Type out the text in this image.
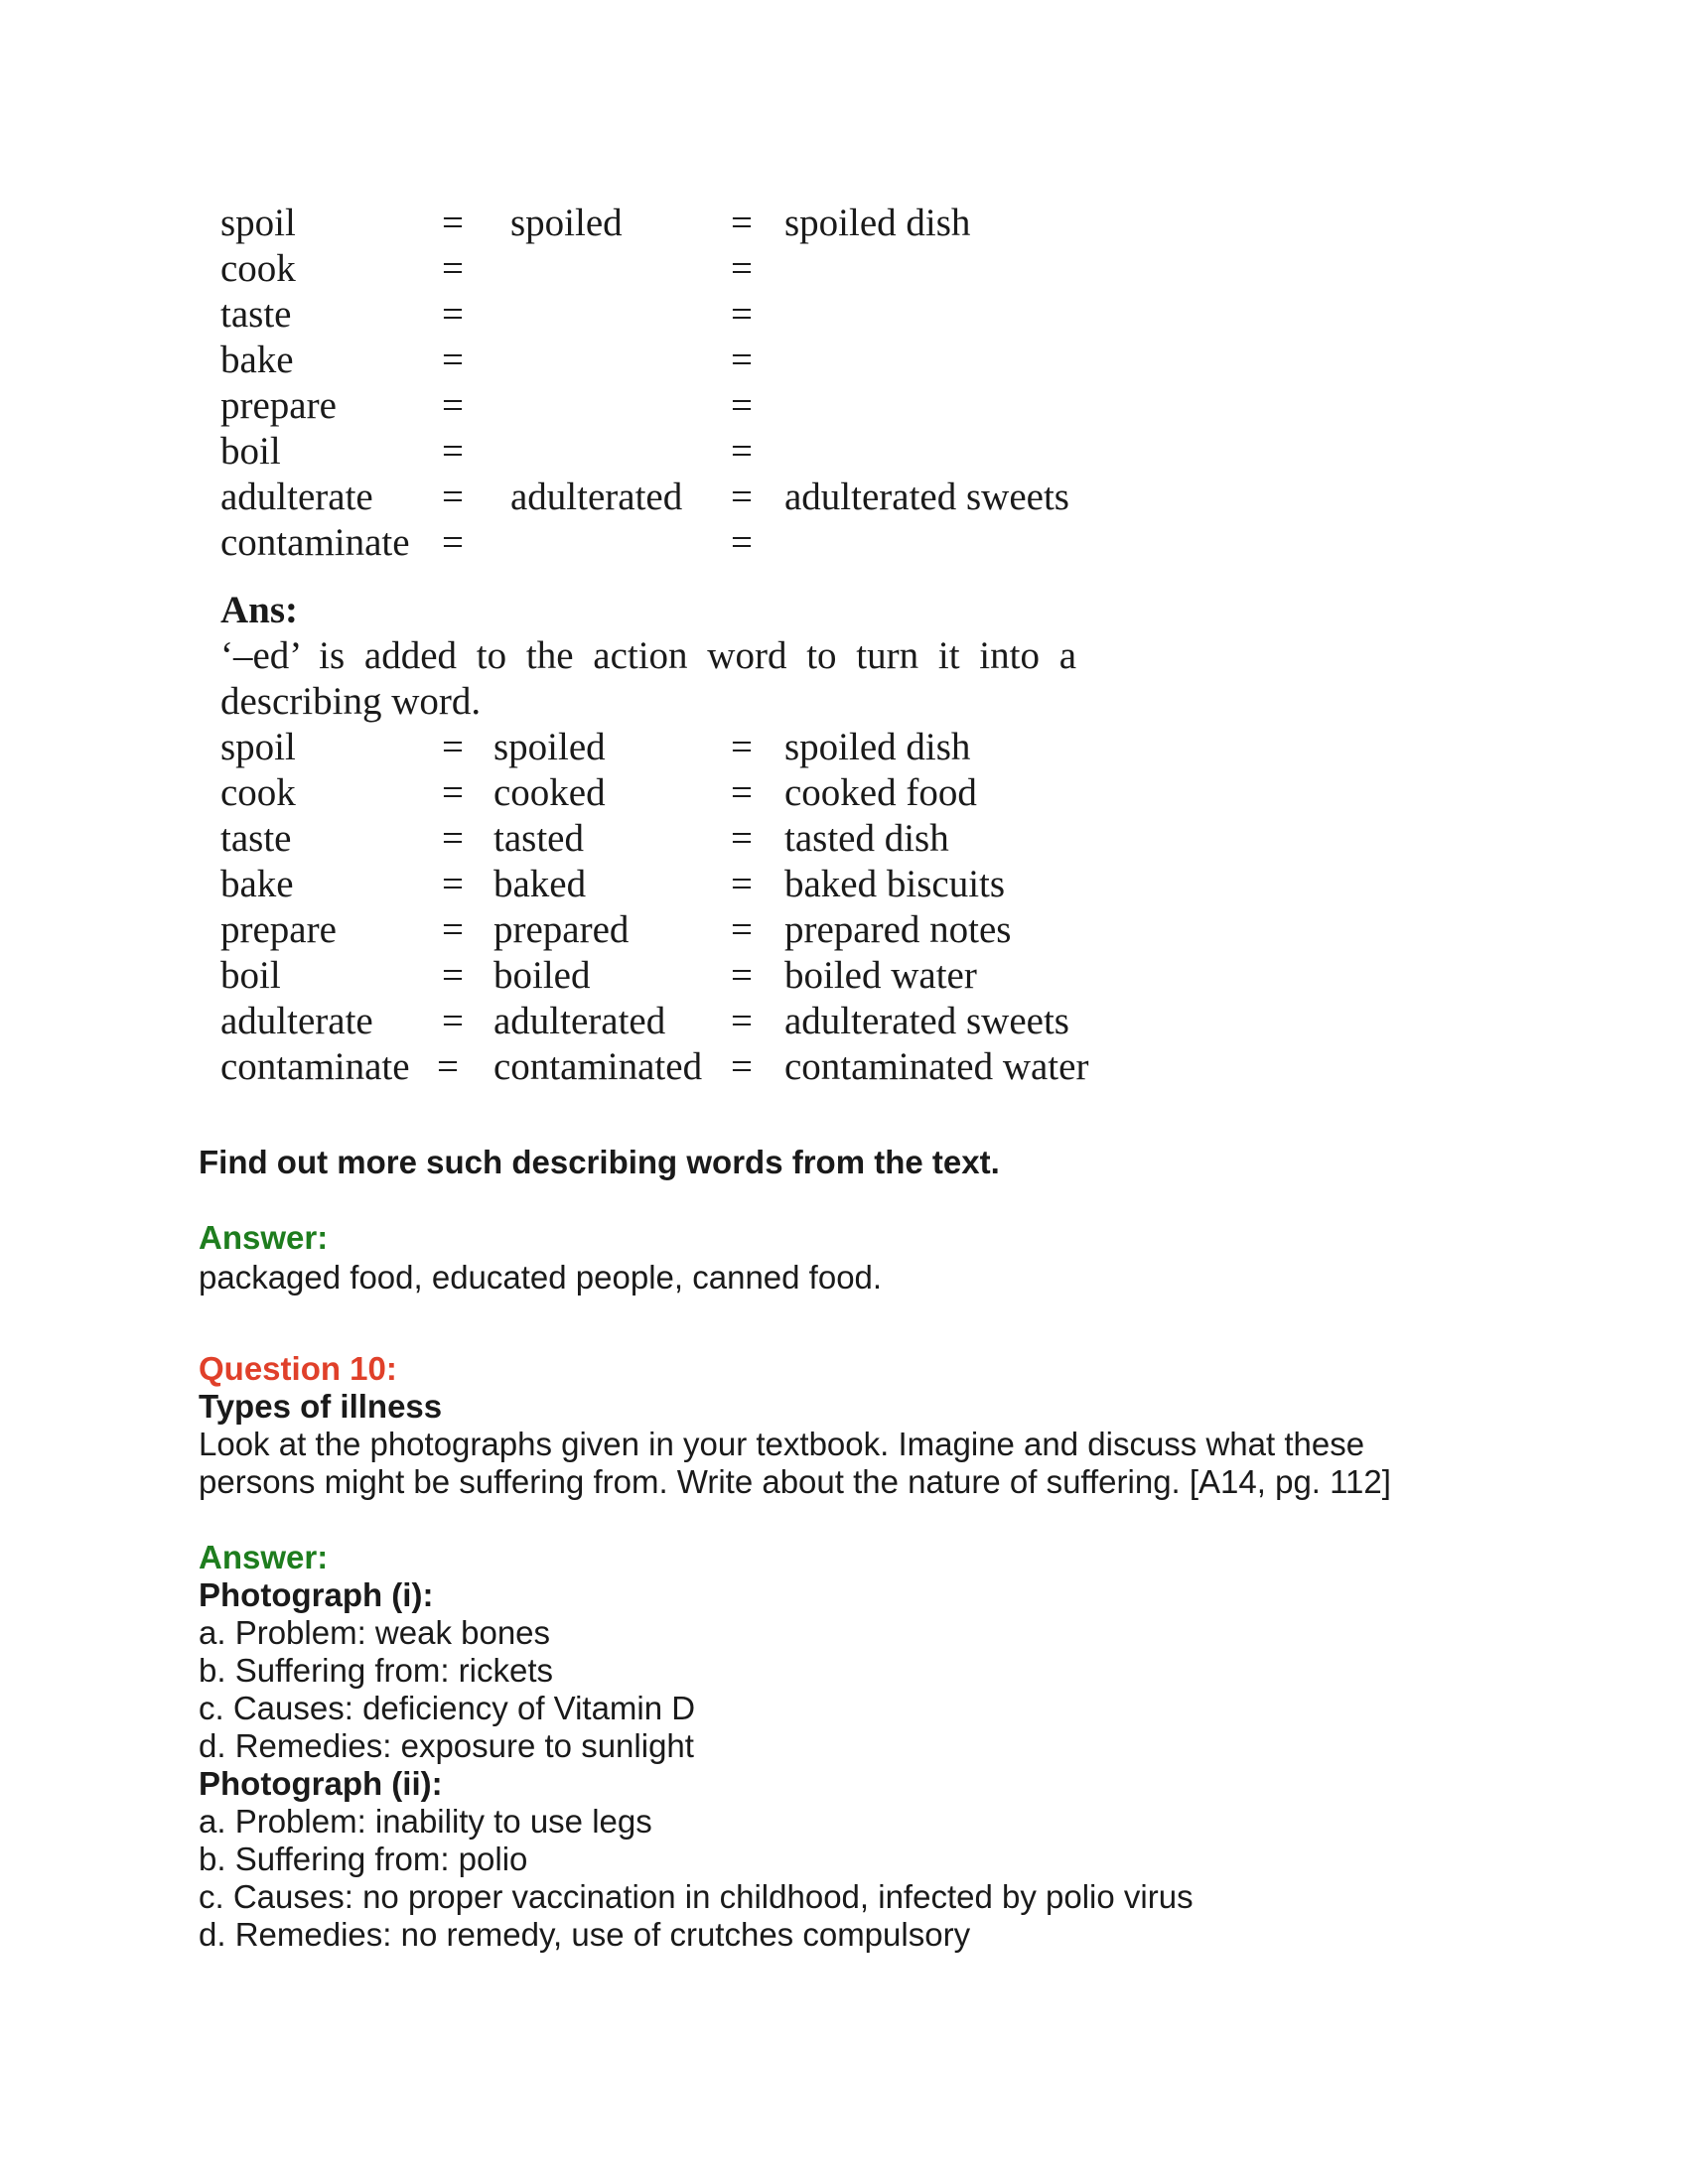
spoil	= spoiled	= spoiled dish
cook	=	=
taste	=	=
bake	=	=
prepare	=	=
boil	=	=
adulterate = adulterated = adulterated sweets
contaminate =	=
Ans:
‘–ed’ is added to the action word to turn it into a
describing word.
spoil	= spoiled	= spoiled dish
cook	= cooked	= cooked food
taste	= tasted	= tasted dish
bake	= baked	= baked biscuits
prepare	= prepared	= prepared notes
boil	= boiled	= boiled water
adulterate = adulterated = adulterated sweets
contaminate = contaminated = contaminated water
Find out more such describing words from the text.
Answer:
packaged food, educated people, canned food.
Question 10:
Types of illness
Look at the photographs given in your textbook. Imagine and discuss what these
persons might be suffering from. Write about the nature of suffering. [A14, pg. 112]
Answer:
Photograph (i):
a. Problem: weak bones
b. Suffering from: rickets
c. Causes: deficiency of Vitamin D
d. Remedies: exposure to sunlight
Photograph (ii):
a. Problem: inability to use legs
b. Suffering from: polio
c. Causes: no proper vaccination in childhood, infected by polio virus
d. Remedies: no remedy, use of crutches compulsory
